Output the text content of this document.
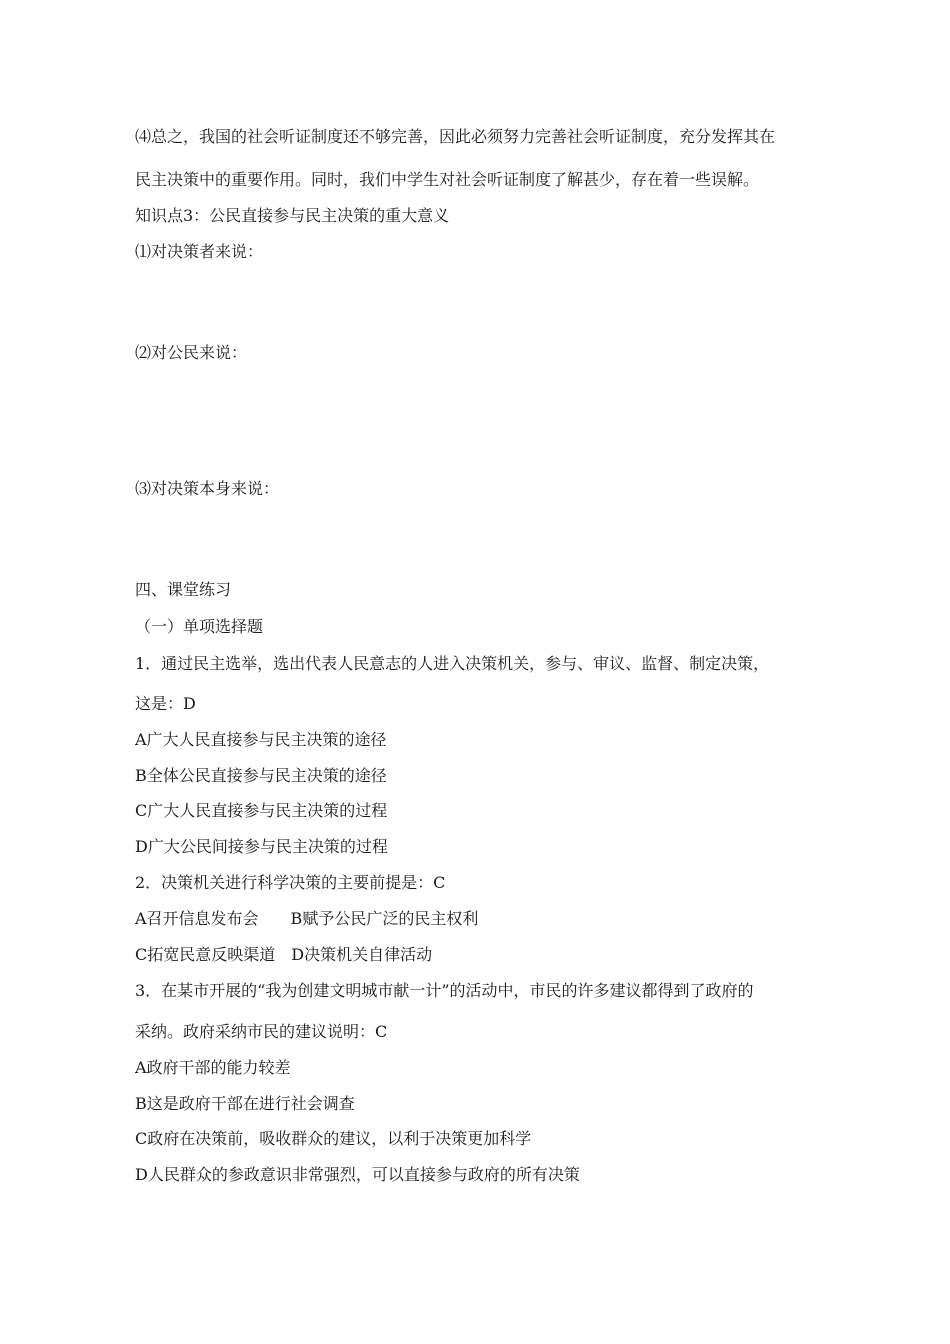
⑷总之，我国的社会听证制度还不够完善，因此必须努力完善社会听证制度，充分发挥其在
民主决策中的重要作用。同时，我们中学生对社会听证制度了解甚少，存在着一些误解。
知识点3：公民直接参与民主决策的重大意义
⑴对决策者来说：
⑵对公民来说：
⑶对决策本身来说：
四、课堂练习
（一）单项选择题
1．通过民主选举，选出代表人民意志的人进入决策机关，参与、审议、监督、制定决策，
这是：D
A广大人民直接参与民主决策的途径
B全体公民直接参与民主决策的途径
C广大人民直接参与民主决策的过程
D广大公民间接参与民主决策的过程
2．决策机关进行科学决策的主要前提是：C
A召开信息发布会　　B赋予公民广泛的民主权利
C拓宽民意反映渠道　D决策机关自律活动
3．在某市开展的“我为创建文明城市献一计”的活动中，市民的许多建议都得到了政府的
采纳。政府采纳市民的建议说明：C
A政府干部的能力较差
B这是政府干部在进行社会调查
C政府在决策前，吸收群众的建议，以利于决策更加科学
D人民群众的参政意识非常强烈，可以直接参与政府的所有决策
